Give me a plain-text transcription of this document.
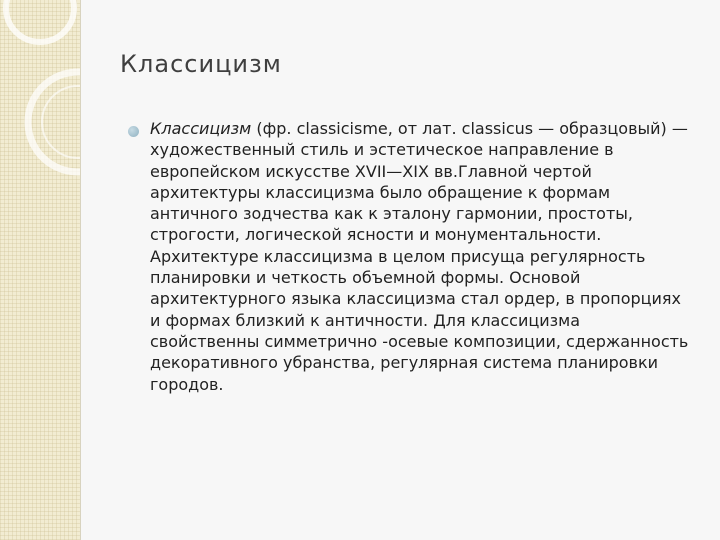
Классицизм
Классицизм (фр. classicisme, от лат. classicus — образцовый) — художественный стиль и эстетическое направление в европейском искусстве XVII—XIX вв.Главной чертой архитектуры классицизма было обращение к формам античного зодчества как к эталону гармонии, простоты, строгости, логической ясности и монументальности. Архитектуре классицизма в целом присуща регулярность планировки и четкость объемной формы. Основой архитектурного языка классицизма стал ордер, в пропорциях и формах близкий к античности. Для классицизма свойственны симметрично -осевые композиции, сдержанность декоративного убранства, регулярная система планировки городов.
